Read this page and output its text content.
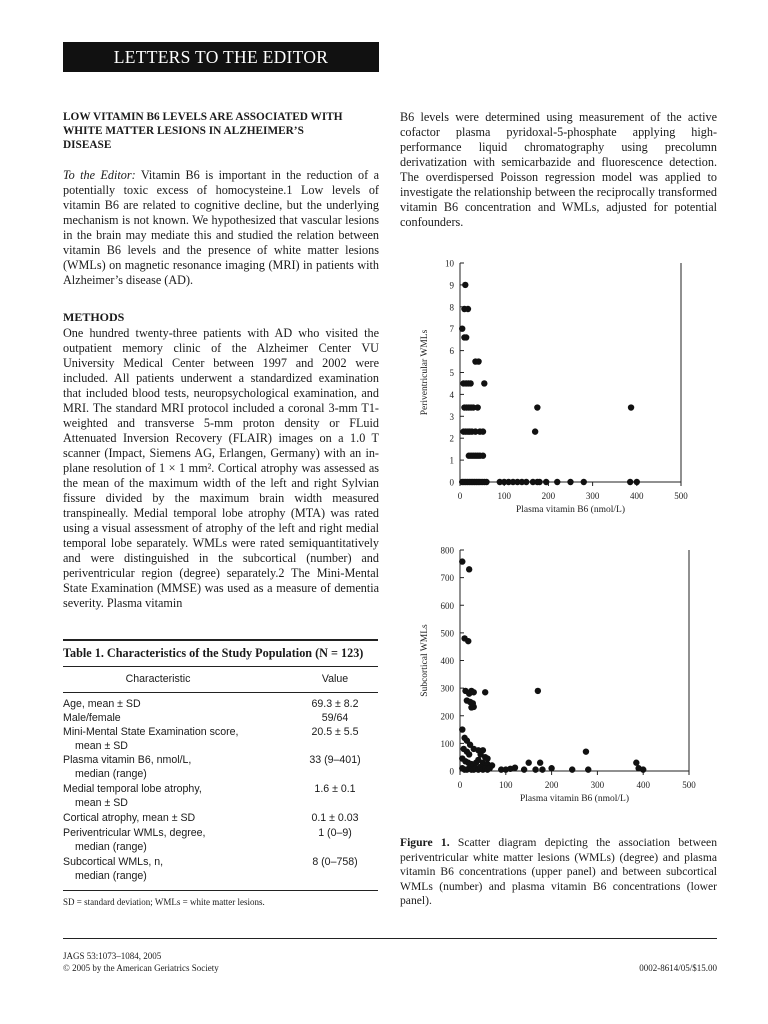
LETTERS TO THE EDITOR
LOW VITAMIN B6 LEVELS ARE ASSOCIATED WITH WHITE MATTER LESIONS IN ALZHEIMER’S DISEASE

To the Editor: Vitamin B6 is important in the reduction of a potentially toxic excess of homocysteine.1 Low levels of vitamin B6 are related to cognitive decline, but the underlying mechanism is not known. We hypothesized that vascular lesions in the brain may mediate this and studied the relation between vitamin B6 levels and the presence of white matter lesions (WMLs) on magnetic resonance imaging (MRI) in patients with Alzheimer’s disease (AD).

METHODS
One hundred twenty-three patients with AD who visited the outpatient memory clinic of the Alzheimer Center VU University Medical Center between 1997 and 2002 were included. All patients underwent a standardized examination that included blood tests, neuropsychological examination, and MRI. The standard MRI protocol included a coronal 3-mm T1-weighted and transverse 5-mm proton density or FLuid Attenuated Inversion Recovery (FLAIR) images on a 1.0 T scanner (Impact, Siemens AG, Erlangen, Germany) with an in-plane resolution of 1 × 1 mm². Cortical atrophy was assessed as the mean of the maximum width of the left and right Sylvian fissure divided by the maximum brain width measured transpineally. Medial temporal lobe atrophy (MTA) was rated using a visual assessment of atrophy of the left and right medial temporal lobe separately. WMLs were rated semiquantitatively and were distinguished in the subcortical (number) and periventricular region (degree) separately.2 The Mini-Mental State Examination (MMSE) was used as a measure of dementia severity. Plasma vitamin
B6 levels were determined using measurement of the active cofactor plasma pyridoxal-5-phosphate applying high-performance liquid chromatography using precolumn derivatization with semicarbazide and fluorescence detection. The overdispersed Poisson regression model was applied to investigate the relationship between the reciprocally transformed vitamin B6 concentration and WMLs, adjusted for potential confounders.
Table 1. Characteristics of the Study Population (N = 123)
Characteristic	Value
Age, mean ± SD	69.3 ± 8.2
Male/female	59/64
Mini-Mental State Examination score,	20.5 ± 5.5
mean ± SD
Plasma vitamin B6, nmol/L,	33 (9–401)
median (range)
Medial temporal lobe atrophy,	1.6 ± 0.1
mean ± SD
Cortical atrophy, mean ± SD	0.1 ± 0.03
Periventricular WMLs, degree,	1 (0–9)
median (range)
Subcortical WMLs, n,	8 (0–758)
median (range)
SD = standard deviation; WMLs = white matter lesions.
0
1
2
3
4
5
6
7
8
9
10
0	100	200	300	400	500
Plasma vitamin B6 (nmol/L)
Periventricular WMLs
0
100
200
300
400
500
600
700
800
0	100	200	300	400	500
Plasma vitamin B6 (nmol/L)
Subcortical WMLs

Figure 1. Scatter diagram depicting the association between periventricular white matter lesions (WMLs) (degree) and plasma vitamin B6 concentrations (upper panel) and between subcortical WMLs (number) and plasma vitamin B6 concentrations (lower panel).

JAGS 53:1073–1084, 2005
© 2005 by the American Geriatrics Society	0002-8614/05/$15.00
